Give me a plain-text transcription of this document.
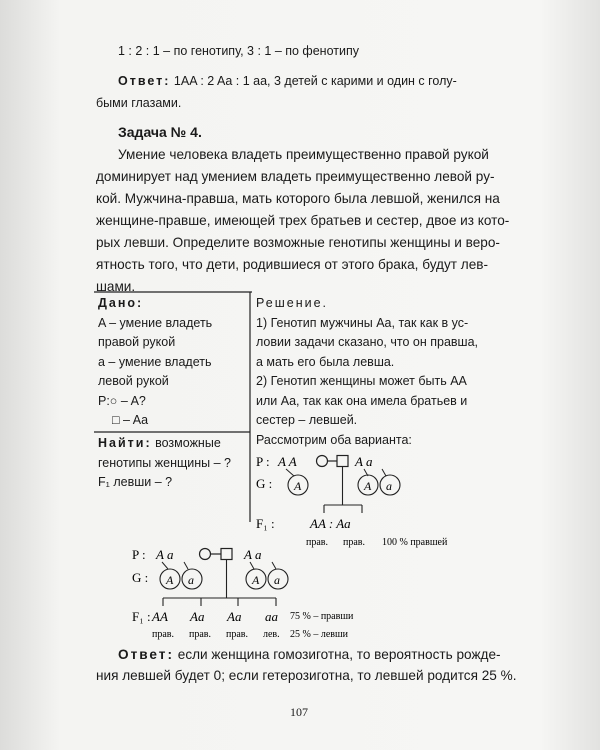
1 : 2 : 1 – по генотипу, 3 : 1 – по фенотипу
Ответ: 1AA : 2 Aa : 1 aa, 3 детей с карими и один с голу-
быми глазами.
Задача № 4.
Умение человека владеть преимущественно правой рукой
доминирует над умением владеть преимущественно левой ру-
кой. Мужчина-правша, мать которого была левшой, женился на
женщине-правше, имеющей трех братьев и сестер, двое из кото-
рых левши. Определите возможные генотипы женщины и веро-
ятность того, что дети, родившиеся от этого брака, будут лев-
шами.
Дано:
A – умение владеть
правой рукой
a – умение владеть
левой рукой
P:○ – A?
□ – Aa
Найти: возможные
генотипы женщины – ?
F₁ левши – ?
Решение.
1) Генотип мужчины Aa, так как в ус-
ловии задачи сказано, что он правша,
а мать его была левша.
2) Генотип женщины может быть AA
или Aa, так как она имела братьев и
сестер – левшей.
Рассмотрим оба варианта:
P : A A	A a
G : A	A a
F₁ :	AA : Aa
прав. прав. 100 % правшей
P : A a	A a
G : A a	A a
F₁ : AA Aa Aa aa 75 % – правши
прав. прав. прав. лев. 25 % – левши
Ответ: если женщина гомозиготна, то вероятность рожде-
ния левшей будет 0; если гетерозиготна, то левшей родится 25 %.
107
